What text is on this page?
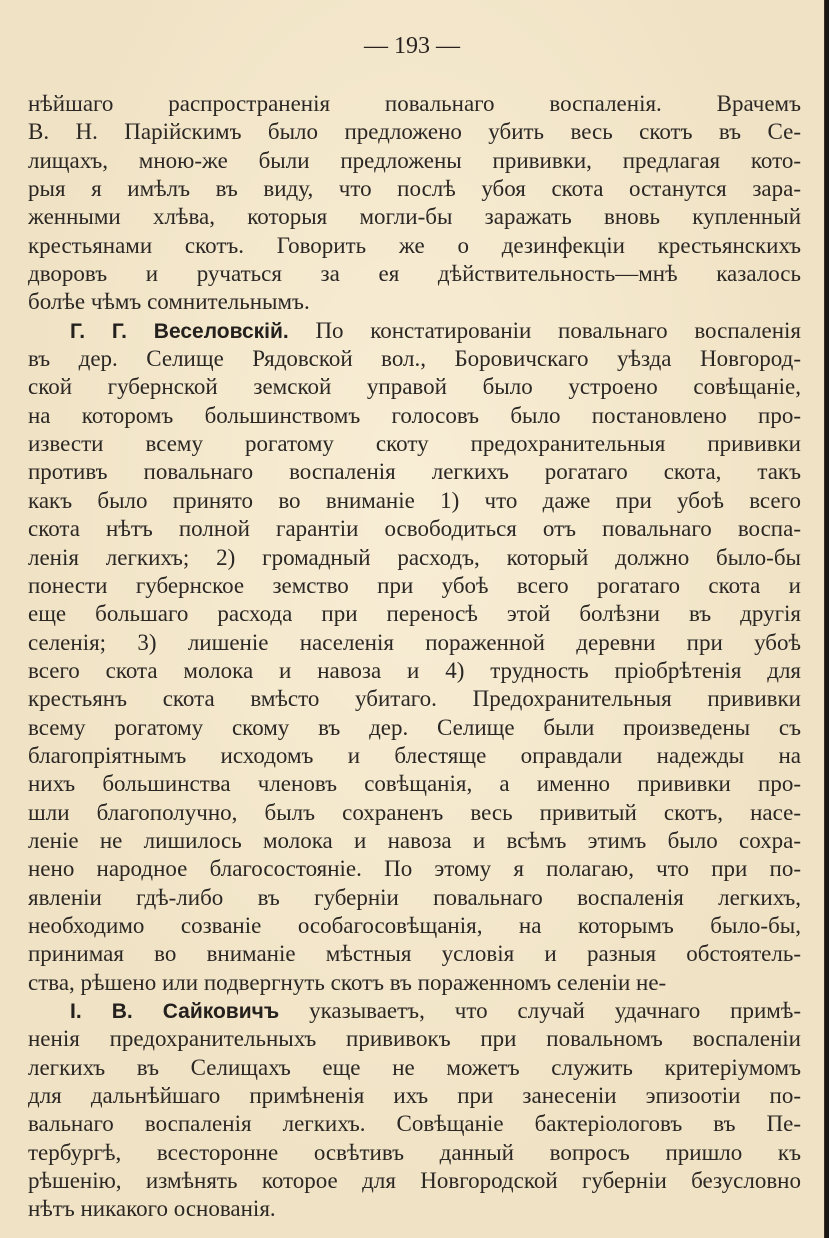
— 193 —
нѣйшаго распространенія повальнаго воспаленія. Врачемъ
В. Н. Парійскимъ было предложено убить весь скотъ въ Се-
лищахъ, мною-же были предложены прививки, предлагая кото-
рыя я имѣлъ въ виду, что послѣ убоя скота останутся зара-
женными хлѣва, которыя могли-бы заражать вновь купленный
крестьянами скотъ. Говорить же о дезинфекціи крестьянскихъ
дворовъ и ручаться за ея дѣйствительность—мнѣ казалось
болѣе чѣмъ сомнительнымъ.
Г. Г. Веселовскій. По констатированіи повальнаго воспаленія
въ дер. Селище Рядовской вол., Боровичскаго уѣзда Новгород-
ской губернской земской управой было устроено совѣщаніе,
на которомъ большинствомъ голосовъ было постановлено про-
извести всему рогатому скоту предохранительныя прививки
противъ повальнаго воспаленія легкихъ рогатаго скота, такъ
какъ было принято во вниманіе 1) что даже при убоѣ всего
скота нѣтъ полной гарантіи освободиться отъ повальнаго воспа-
ленія легкихъ; 2) громадный расходъ, который должно было-бы
понести губернское земство при убоѣ всего рогатаго скота и
еще большаго расхода при переносѣ этой болѣзни въ другія
селенія; 3) лишеніе населенія пораженной деревни при убоѣ
всего скота молока и навоза и 4) трудность пріобрѣтенія для
крестьянъ скота вмѣсто убитаго. Предохранительныя прививки
всему рогатому скому въ дер. Селище были произведены съ
благопріятнымъ исходомъ и блестяще оправдали надежды на
нихъ большинства членовъ совѣщанія, а именно прививки про-
шли благополучно, былъ сохраненъ весь привитый скотъ, насе-
леніе не лишилось молока и навоза и всѣмъ этимъ было сохра-
нено народное благосостояніе. По этому я полагаю, что при по-
явленіи гдѣ-либо въ губерніи повальнаго воспаленія легкихъ,
необходимо созваніе особагосовѣщанія, на которымъ было-бы,
принимая во вниманіе мѣстныя условія и разныя обстоятель-
ства, рѣшено или подвергнуть скотъ въ пораженномъ селеніи не-
І. В. Сайковичъ указываетъ, что случай удачнаго примѣ-
ненія предохранительныхъ прививокъ при повальномъ воспаленіи
легкихъ въ Селищахъ еще не можетъ служить критеріумомъ
для дальнѣйшаго примѣненія ихъ при занесеніи эпизоотіи по-
вальнаго воспаленія легкихъ. Совѣщаніе бактеріологовъ въ Пе-
тербургѣ, всесторонне освѣтивъ данный вопросъ пришло къ
рѣшенію, измѣнять которое для Новгородской губерніи безусловно
нѣтъ никакого основанія.
